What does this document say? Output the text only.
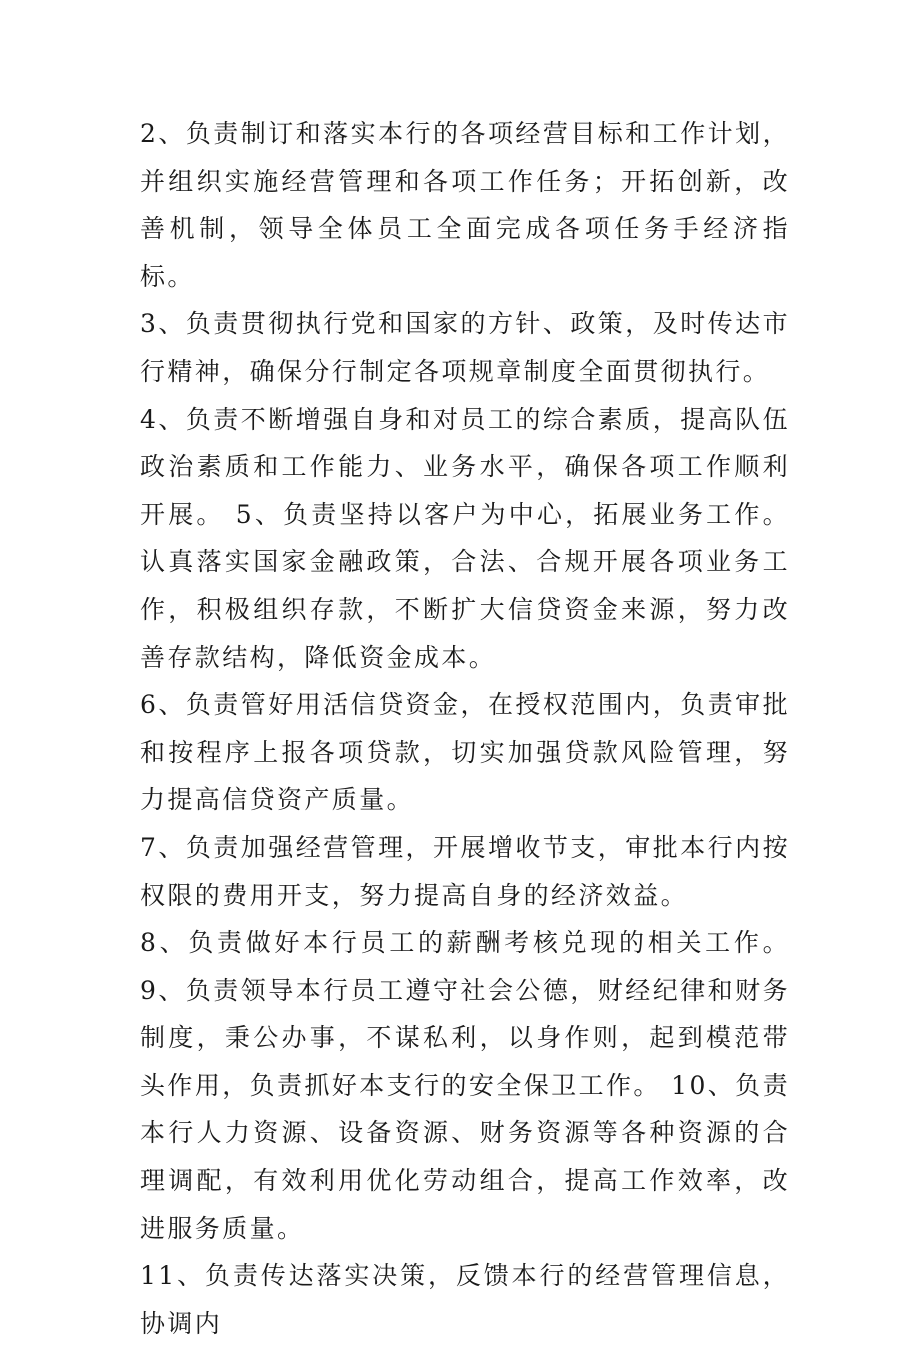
2、负责制订和落实本行的各项经营目标和工作计划，并组织实施经营管理和各项工作任务；开拓创新，改善机制，领导全体员工全面完成各项任务手经济指标。

3、负责贯彻执行党和国家的方针、政策，及时传达市行精神，确保分行制定各项规章制度全面贯彻执行。

4、负责不断增强自身和对员工的综合素质，提高队伍政治素质和工作能力、业务水平，确保各项工作顺利开展。 5、负责坚持以客户为中心，拓展业务工作。认真落实国家金融政策，合法、合规开展各项业务工作，积极组织存款，不断扩大信贷资金来源，努力改善存款结构，降低资金成本。

6、负责管好用活信贷资金，在授权范围内，负责审批和按程序上报各项贷款，切实加强贷款风险管理，努力提高信贷资产质量。

7、负责加强经营管理，开展增收节支，审批本行内按权限的费用开支，努力提高自身的经济效益。

8、负责做好本行员工的薪酬考核兑现的相关工作。 9、负责领导本行员工遵守社会公德，财经纪律和财务制度，秉公办事，不谋私利，以身作则，起到模范带头作用，负责抓好本支行的安全保卫工作。 10、负责本行人力资源、设备资源、财务资源等各种资源的合理调配，有效利用优化劳动组合，提高工作效率，改进服务质量。

11、负责传达落实决策，反馈本行的经营管理信息，协调内
